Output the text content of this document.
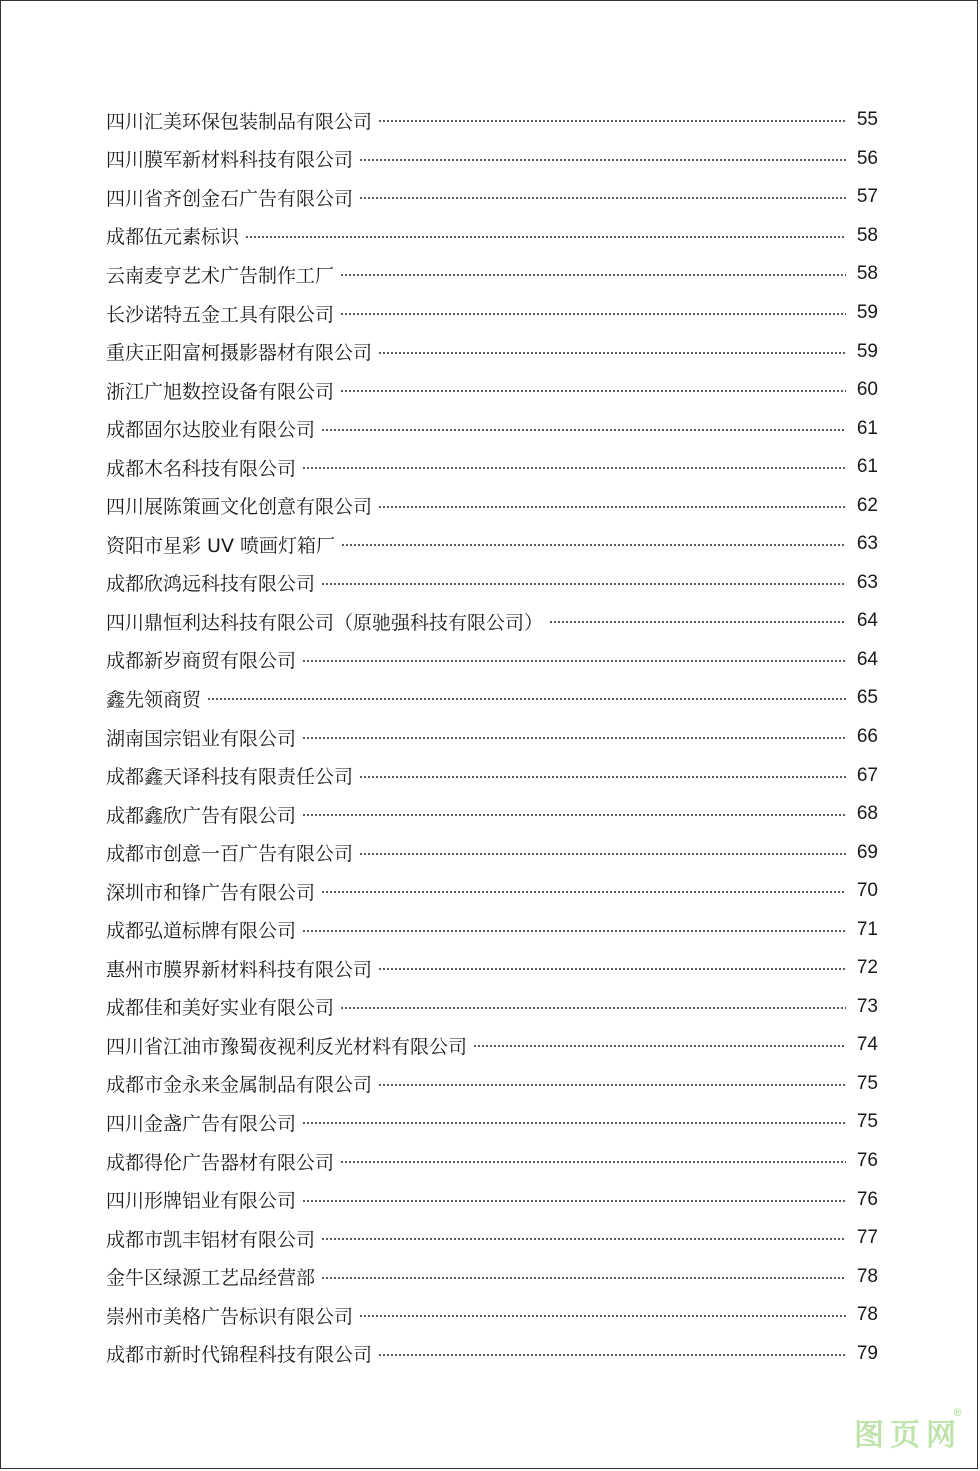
四川汇美环保包装制品有限公司	55
四川膜军新材料科技有限公司	56
四川省齐创金石广告有限公司	57
成都伍元素标识	58
云南麦亨艺术广告制作工厂	58
长沙诺特五金工具有限公司	59
重庆正阳富柯摄影器材有限公司	59
浙江广旭数控设备有限公司	60
成都固尔达胶业有限公司	61
成都木名科技有限公司	61
四川展陈策画文化创意有限公司	62
资阳市星彩 UV 喷画灯箱厂	63
成都欣鸿远科技有限公司	63
四川鼎恒利达科技有限公司（原驰强科技有限公司）	64
成都新岁商贸有限公司	64
鑫先领商贸	65
湖南国宗铝业有限公司	66
成都鑫天译科技有限责任公司	67
成都鑫欣广告有限公司	68
成都市创意一百广告有限公司	69
深圳市和锋广告有限公司	70
成都弘道标牌有限公司	71
惠州市膜界新材料科技有限公司	72
成都佳和美好实业有限公司	73
四川省江油市豫蜀夜视利反光材料有限公司	74
成都市金永来金属制品有限公司	75
四川金盏广告有限公司	75
成都得伦广告器材有限公司	76
四川形牌铝业有限公司	76
成都市凯丰铝材有限公司	77
金牛区绿源工艺品经营部	78
崇州市美格广告标识有限公司	78
成都市新时代锦程科技有限公司	79
图页网
®
